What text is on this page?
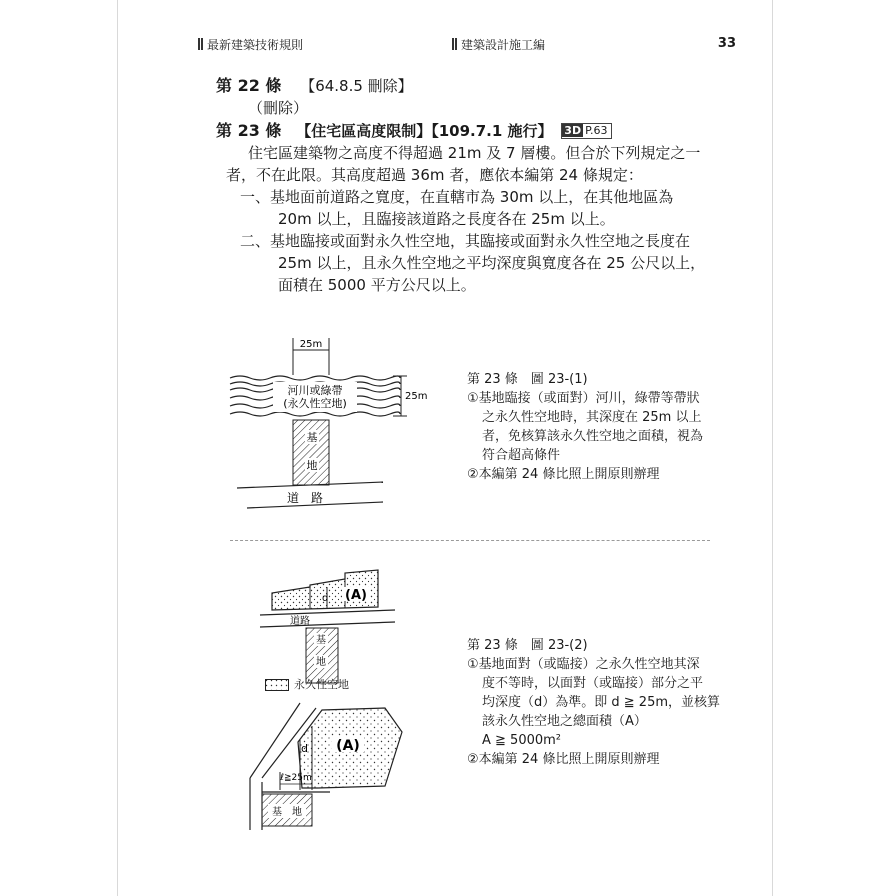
最新建築技術規則	建築設計施工編	33
第 22 條 【64.8.5 刪除】
（刪除）
第 23 條 【住宅區高度限制】【109.7.1 施行】 3D P.63
住宅區建築物之高度不得超過 21m 及 7 層樓。但合於下列規定之一
者，不在此限。其高度超過 36m 者，應依本編第 24 條規定：
一、基地面前道路之寬度，在直轄市為 30m 以上，在其他地區為
20m 以上，且臨接該道路之長度各在 25m 以上。
二、基地臨接或面對永久性空地，其臨接或面對永久性空地之長度在
25m 以上，且永久性空地之平均深度與寬度各在 25 公尺以上，
面積在 5000 平方公尺以上。
25m
河川或綠帶
(永久性空地)
25m
基
地
道　路
第 23 條　圖 23-(1)
①基地臨接（或面對）河川，綠帶等帶狀
之永久性空地時，其深度在 25m 以上
者，免核算該永久性空地之面積，視為
符合超高條件
②本編第 24 條比照上開原則辦理
d (A)
道路
基
地
永久性空地
d (A)
ℓ≧25m
基　地
第 23 條　圖 23-(2)
①基地面對（或臨接）之永久性空地其深
度不等時，以面對（或臨接）部分之平
均深度（d）為準。即 d ≧ 25m，並核算
該永久性空地之總面積（A）
A ≧ 5000m²
②本編第 24 條比照上開原則辦理
